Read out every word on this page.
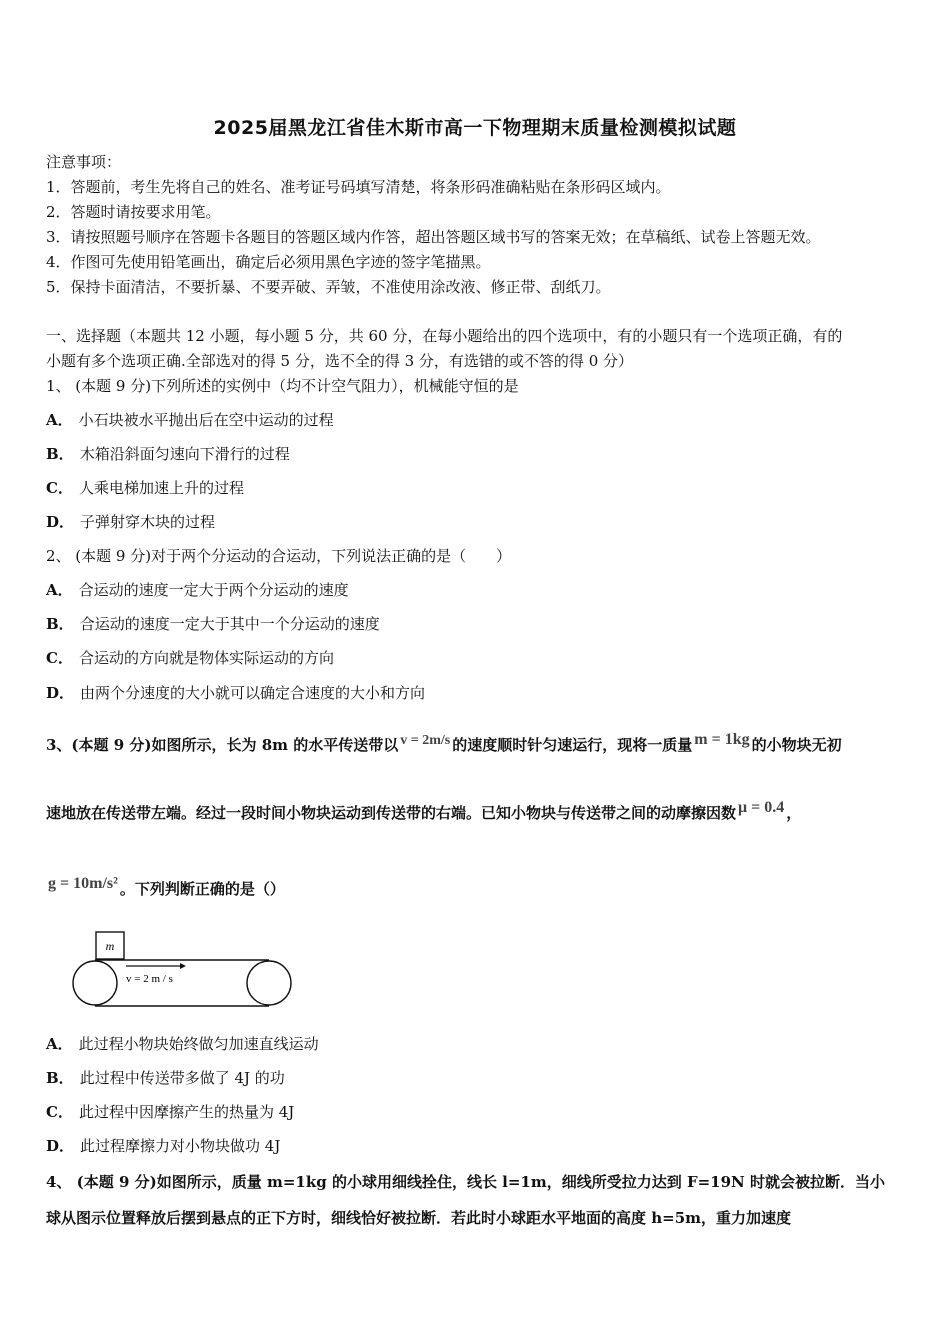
2025届黑龙江省佳木斯市高一下物理期末质量检测模拟试题
注意事项：
1．答题前，考生先将自己的姓名、准考证号码填写清楚，将条形码准确粘贴在条形码区域内。
2．答题时请按要求用笔。
3．请按照题号顺序在答题卡各题目的答题区域内作答，超出答题区域书写的答案无效；在草稿纸、试卷上答题无效。
4．作图可先使用铅笔画出，确定后必须用黑色字迹的签字笔描黑。
5．保持卡面清洁，不要折暴、不要弄破、弄皱，不准使用涂改液、修正带、刮纸刀。
一、选择题（本题共 12 小题，每小题 5 分，共 60 分，在每小题给出的四个选项中，有的小题只有一个选项正确，有的
小题有多个选项正确.全部选对的得 5 分，选不全的得 3 分，有选错的或不答的得 0 分）
1、 (本题 9 分)下列所述的实例中（均不计空气阻力），机械能守恒的是
A． 小石块被水平抛出后在空中运动的过程
B． 木箱沿斜面匀速向下滑行的过程
C． 人乘电梯加速上升的过程
D． 子弹射穿木块的过程
2、 (本题 9 分)对于两个分运动的合运动，下列说法正确的是（　　）
A． 合运动的速度一定大于两个分运动的速度
B． 合运动的速度一定大于其中一个分运动的速度
C． 合运动的方向就是物体实际运动的方向
D． 由两个分速度的大小就可以确定合速度的大小和方向
3、(本题 9 分)如图所示，长为 8m 的水平传送带以 v = 2m/s 的速度顺时针匀速运行，现将一质量 m = 1kg 的小物块无初
速地放在传送带左端。经过一段时间小物块运动到传送带的右端。已知小物块与传送带之间的动摩擦因数 μ = 0.4 ，
g = 10m/s² 。下列判断正确的是（）
m
v = 2 m / s
A． 此过程小物块始终做匀加速直线运动
B． 此过程中传送带多做了 4J 的功
C． 此过程中因摩擦产生的热量为 4J
D． 此过程摩擦力对小物块做功 4J
4、 (本题 9 分)如图所示，质量 m=1kg 的小球用细线拴住，线长 l=1m，细线所受拉力达到 F=19N 时就会被拉断．当小
球从图示位置释放后摆到悬点的正下方时，细线恰好被拉断．若此时小球距水平地面的高度 h=5m，重力加速度
